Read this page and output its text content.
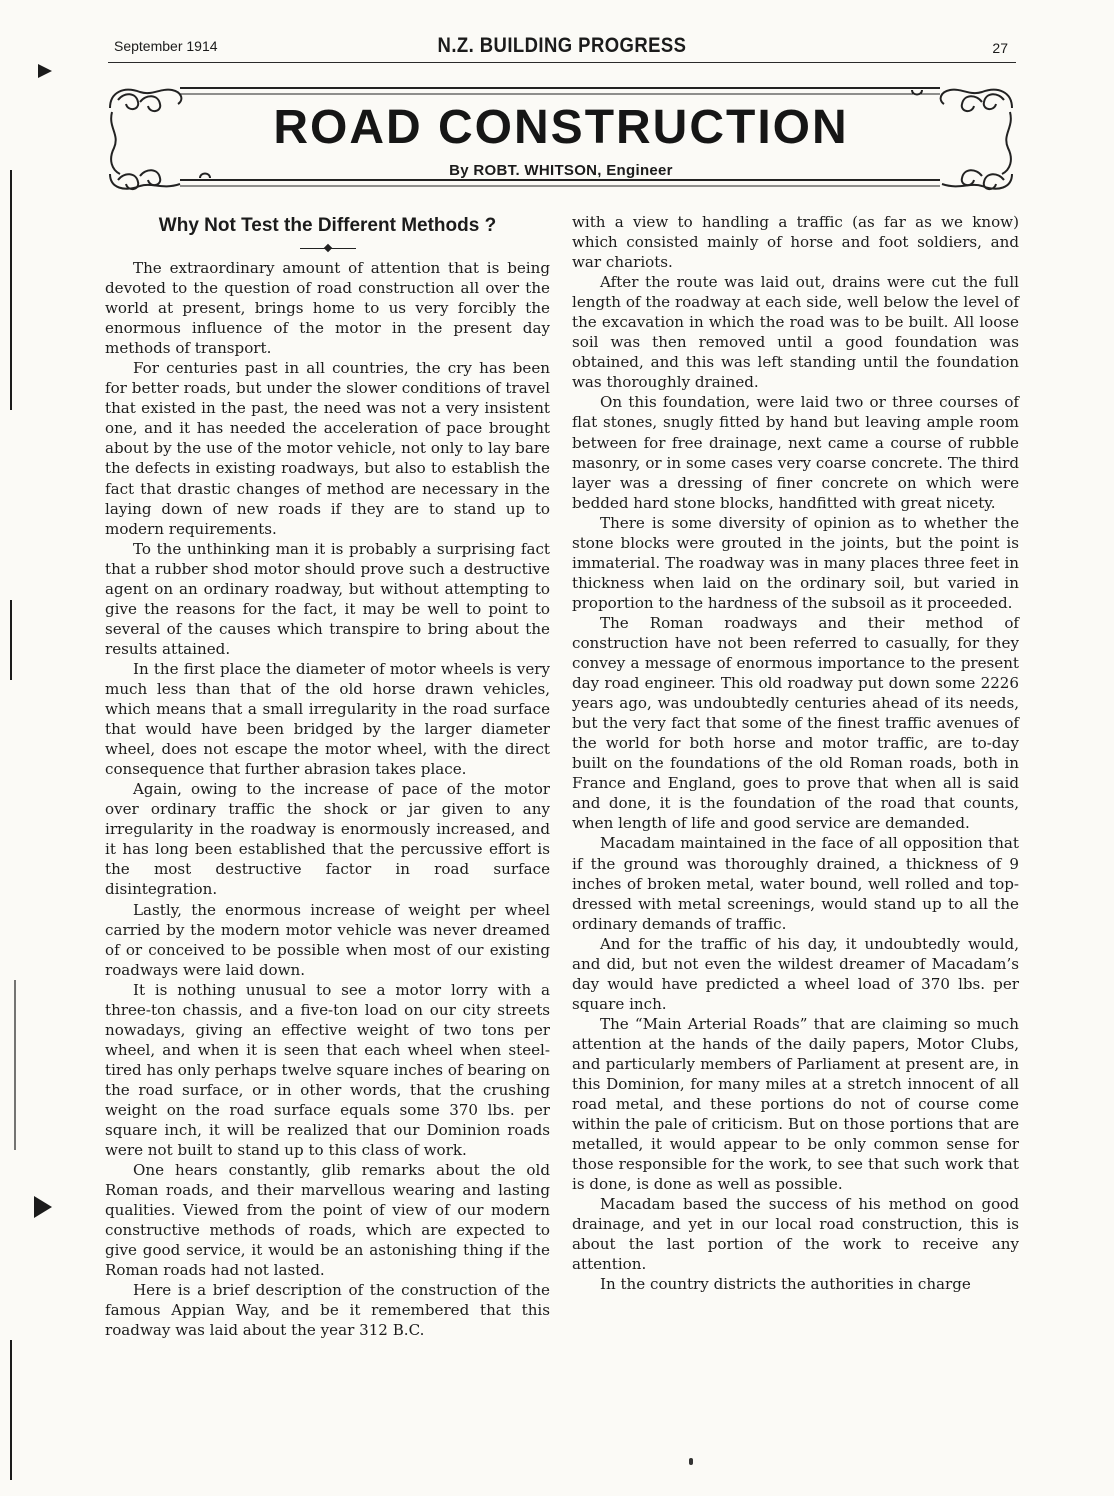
September 1914	N.Z. BUILDING PROGRESS	27
ROAD CONSTRUCTION
By ROBT. WHITSON, Engineer
Why Not Test the Different Methods ?

The extraordinary amount of attention that is being devoted to the question of road construction all over the world at present, brings home to us very forcibly the enormous influence of the motor in the present day methods of transport.

For centuries past in all countries, the cry has been for better roads, but under the slower conditions of travel that existed in the past, the need was not a very insistent one, and it has needed the acceleration of pace brought about by the use of the motor vehicle, not only to lay bare the defects in existing roadways, but also to establish the fact that drastic changes of method are necessary in the laying down of new roads if they are to stand up to modern requirements.

To the unthinking man it is probably a surprising fact that a rubber shod motor should prove such a destructive agent on an ordinary roadway, but without attempting to give the reasons for the fact, it may be well to point to several of the causes which transpire to bring about the results attained.

In the first place the diameter of motor wheels is very much less than that of the old horse drawn vehicles, which means that a small irregularity in the road surface that would have been bridged by the larger diameter wheel, does not escape the motor wheel, with the direct consequence that further abrasion takes place.

Again, owing to the increase of pace of the motor over ordinary traffic the shock or jar given to any irregularity in the roadway is enormously increased, and it has long been established that the percussive effort is the most destructive factor in road surface disintegration.

Lastly, the enormous increase of weight per wheel carried by the modern motor vehicle was never dreamed of or conceived to be possible when most of our existing roadways were laid down.

It is nothing unusual to see a motor lorry with a three-ton chassis, and a five-ton load on our city streets nowadays, giving an effective weight of two tons per wheel, and when it is seen that each wheel when steel-tired has only perhaps twelve square inches of bearing on the road surface, or in other words, that the crushing weight on the road surface equals some 370 lbs. per square inch, it will be realized that our Dominion roads were not built to stand up to this class of work.

One hears constantly, glib remarks about the old Roman roads, and their marvellous wearing and lasting qualities. Viewed from the point of view of our modern constructive methods of roads, which are expected to give good service, it would be an astonishing thing if the Roman roads had not lasted.

Here is a brief description of the construction of the famous Appian Way, and be it remembered that this roadway was laid about the year 312 B.C.

with a view to handling a traffic (as far as we know) which consisted mainly of horse and foot soldiers, and war chariots.

After the route was laid out, drains were cut the full length of the roadway at each side, well below the level of the excavation in which the road was to be built. All loose soil was then removed until a good foundation was obtained, and this was left standing until the foundation was thoroughly drained.

On this foundation, were laid two or three courses of flat stones, snugly fitted by hand but leaving ample room between for free drainage, next came a course of rubble masonry, or in some cases very coarse concrete. The third layer was a dressing of finer concrete on which were bedded hard stone blocks, handfitted with great nicety.

There is some diversity of opinion as to whether the stone blocks were grouted in the joints, but the point is immaterial. The roadway was in many places three feet in thickness when laid on the ordinary soil, but varied in proportion to the hardness of the subsoil as it proceeded.

The Roman roadways and their method of construction have not been referred to casually, for they convey a message of enormous importance to the present day road engineer. This old roadway put down some 2226 years ago, was undoubtedly centuries ahead of its needs, but the very fact that some of the finest traffic avenues of the world for both horse and motor traffic, are to-day built on the foundations of the old Roman roads, both in France and England, goes to prove that when all is said and done, it is the foundation of the road that counts, when length of life and good service are demanded.

Macadam maintained in the face of all opposition that if the ground was thoroughly drained, a thickness of 9 inches of broken metal, water bound, well rolled and top-dressed with metal screenings, would stand up to all the ordinary demands of traffic.

And for the traffic of his day, it undoubtedly would, and did, but not even the wildest dreamer of Macadam’s day would have predicted a wheel load of 370 lbs. per square inch.

The “Main Arterial Roads” that are claiming so much attention at the hands of the daily papers, Motor Clubs, and particularly members of Parliament at present are, in this Dominion, for many miles at a stretch innocent of all road metal, and these portions do not of course come within the pale of criticism. But on those portions that are metalled, it would appear to be only common sense for those responsible for the work, to see that such work that is done, is done as well as possible.

Macadam based the success of his method on good drainage, and yet in our local road construction, this is about the last portion of the work to receive any attention.

In the country districts the authorities in charge
